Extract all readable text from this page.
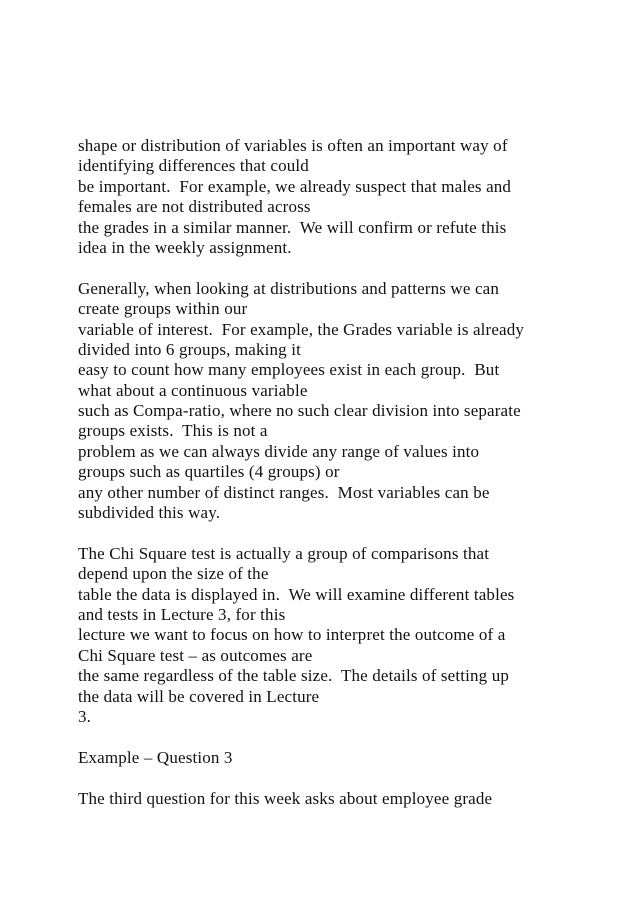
shape or distribution of variables is often an important way of
identifying differences that could
be important.  For example, we already suspect that males and
females are not distributed across
the grades in a similar manner.  We will confirm or refute this
idea in the weekly assignment.
Generally, when looking at distributions and patterns we can
create groups within our
variable of interest.  For example, the Grades variable is already
divided into 6 groups, making it
easy to count how many employees exist in each group.  But
what about a continuous variable
such as Compa-ratio, where no such clear division into separate
groups exists.  This is not a
problem as we can always divide any range of values into
groups such as quartiles (4 groups) or
any other number of distinct ranges.  Most variables can be
subdivided this way.
The Chi Square test is actually a group of comparisons that
depend upon the size of the
table the data is displayed in.  We will examine different tables
and tests in Lecture 3, for this
lecture we want to focus on how to interpret the outcome of a
Chi Square test – as outcomes are
the same regardless of the table size.  The details of setting up
the data will be covered in Lecture
3.
Example – Question 3
The third question for this week asks about employee grade
